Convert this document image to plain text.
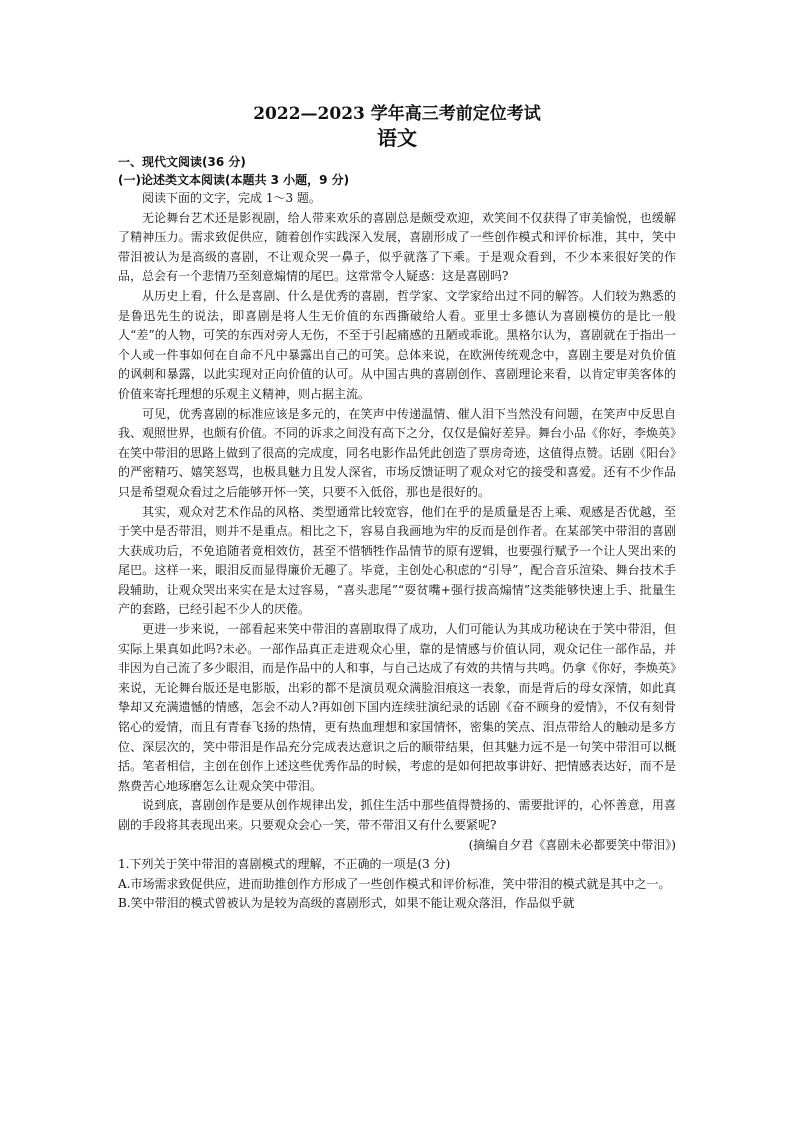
2022—2023 学年高三考前定位考试

语文

一、现代文阅读(36 分)

(一)论述类文本阅读(本题共 3 小题，9 分)

阅读下面的文字，完成 1～3 题。

无论舞台艺术还是影视剧，给人带来欢乐的喜剧总是颇受欢迎，欢笑间不仅获得了审美愉悦，也缓解了精神压力。需求致促供应，随着创作实践深入发展，喜剧形成了一些创作模式和评价标准，其中，笑中带泪被认为是高级的喜剧，不让观众哭一鼻子，似乎就落了下乘。于是观众看到，不少本来很好笑的作品，总会有一个悲情乃至刻意煽情的尾巴。这常常令人疑惑：这是喜剧吗?

从历史上看，什么是喜剧、什么是优秀的喜剧，哲学家、文学家给出过不同的解答。人们较为熟悉的是鲁迅先生的说法，即喜剧是将人生无价值的东西撕破给人看。亚里士多德认为喜剧模仿的是比一般人“差”的人物，可笑的东西对旁人无伤，不至于引起痛感的丑陋或乖讹。黑格尔认为，喜剧就在于指出一个人或一件事如何在自命不凡中暴露出自己的可笑。总体来说，在欧洲传统观念中，喜剧主要是对负价值的讽刺和暴露，以此实现对正向价值的认可。从中国古典的喜剧创作、喜剧理论来看，以肯定审美客体的价值来寄托理想的乐观主义精神，则占据主流。

可见，优秀喜剧的标准应该是多元的，在笑声中传递温情、催人泪下当然没有问题，在笑声中反思自我、观照世界，也颇有价值。不同的诉求之间没有高下之分，仅仅是偏好差异。舞台小品《你好，李焕英》在笑中带泪的思路上做到了很高的完成度，同名电影作品凭此创造了票房奇迹，这值得点赞。话剧《阳台》的严密精巧、嬉笑怒骂，也极具魅力且发人深省，市场反馈证明了观众对它的接受和喜爱。还有不少作品只是希望观众看过之后能够开怀一笑，只要不入低俗，那也是很好的。

其实，观众对艺术作品的风格、类型通常比较宽容，他们在乎的是质量是否上乘、观感是否优越，至于笑中是否带泪，则并不是重点。相比之下，容易自我画地为牢的反而是创作者。在某部笑中带泪的喜剧大获成功后，不免追随者竟相效仿，甚至不惜牺牲作品情节的原有逻辑，也要强行赋予一个让人哭出来的尾巴。这样一来，眼泪反而显得廉价无趣了。毕竟，主创处心积虑的“引导”，配合音乐渲染、舞台技术手段辅助，让观众哭出来实在是太过容易，“喜头悲尾”“耍贫嘴+强行拔高煽情”这类能够快速上手、批量生产的套路，已经引起不少人的厌倦。

更进一步来说，一部看起来笑中带泪的喜剧取得了成功，人们可能认为其成功秘诀在于笑中带泪，但实际上果真如此吗?未必。一部作品真正走进观众心里，靠的是情感与价值认同，观众记住一部作品，并非因为自己流了多少眼泪，而是作品中的人和事，与自己达成了有效的共情与共鸣。仍拿《你好，李焕英》来说，无论舞台版还是电影版，出彩的都不是演员观众满脸泪痕这一表象，而是背后的母女深情，如此真挚却又充满遗憾的情感，怎会不动人?再如创下国内连续驻演纪录的话剧《奋不顾身的爱情》，不仅有刻骨铭心的爱情，而且有青春飞扬的热情，更有热血理想和家国情怀，密集的笑点、泪点带给人的触动是多方位、深层次的，笑中带泪是作品充分完成表达意识之后的顺带结果，但其魅力远不是一句笑中带泪可以概括。笔者相信，主创在创作上述这些优秀作品的时候，考虑的是如何把故事讲好、把情感表达好，而不是熬费苦心地琢磨怎么让观众笑中带泪。

说到底，喜剧创作是要从创作规律出发，抓住生活中那些值得赞扬的、需要批评的，心怀善意，用喜剧的手段将其表现出来。只要观众会心一笑，带不带泪又有什么要紧呢?

(摘编自夕君《喜剧未必都要笑中带泪》)

1.下列关于笑中带泪的喜剧模式的理解，不正确的一项是(3 分)

A.市场需求致促供应，进而助推创作方形成了一些创作模式和评价标准，笑中带泪的模式就是其中之一。

B.笑中带泪的模式曾被认为是较为高级的喜剧形式，如果不能让观众落泪，作品似乎就
